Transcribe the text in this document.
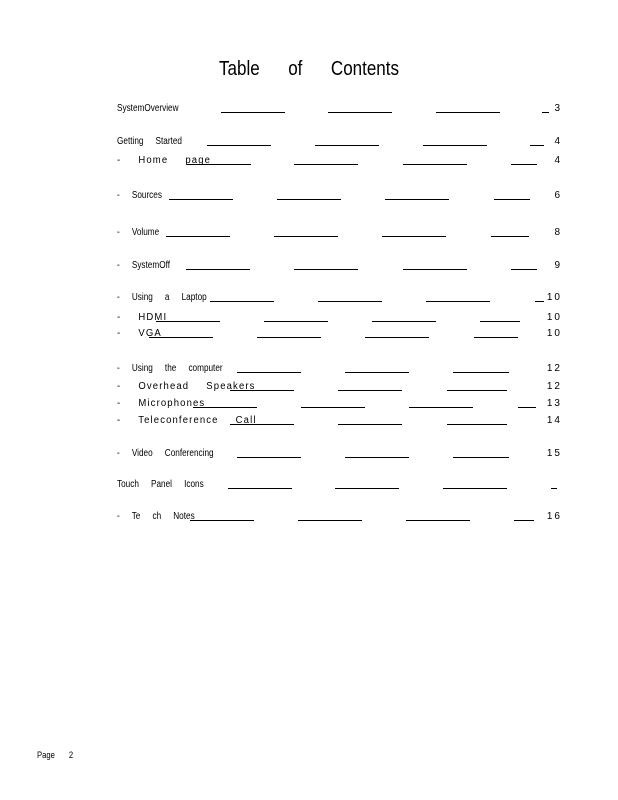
Table of Contents
SystemOverview	3
Getting Started	4
- Home page	4
- Sources	6
- Volume	8
- SystemOff	9
- Using a Laptop	10
- HDMI	10
- VGA	10
- Using the computer	12
- Overhead Speakers	12
- Microphones	13
- Teleconference Call	14
- Video Conferencing	15
Touch Panel Icons
- Te ch Notes	16
Page 2
